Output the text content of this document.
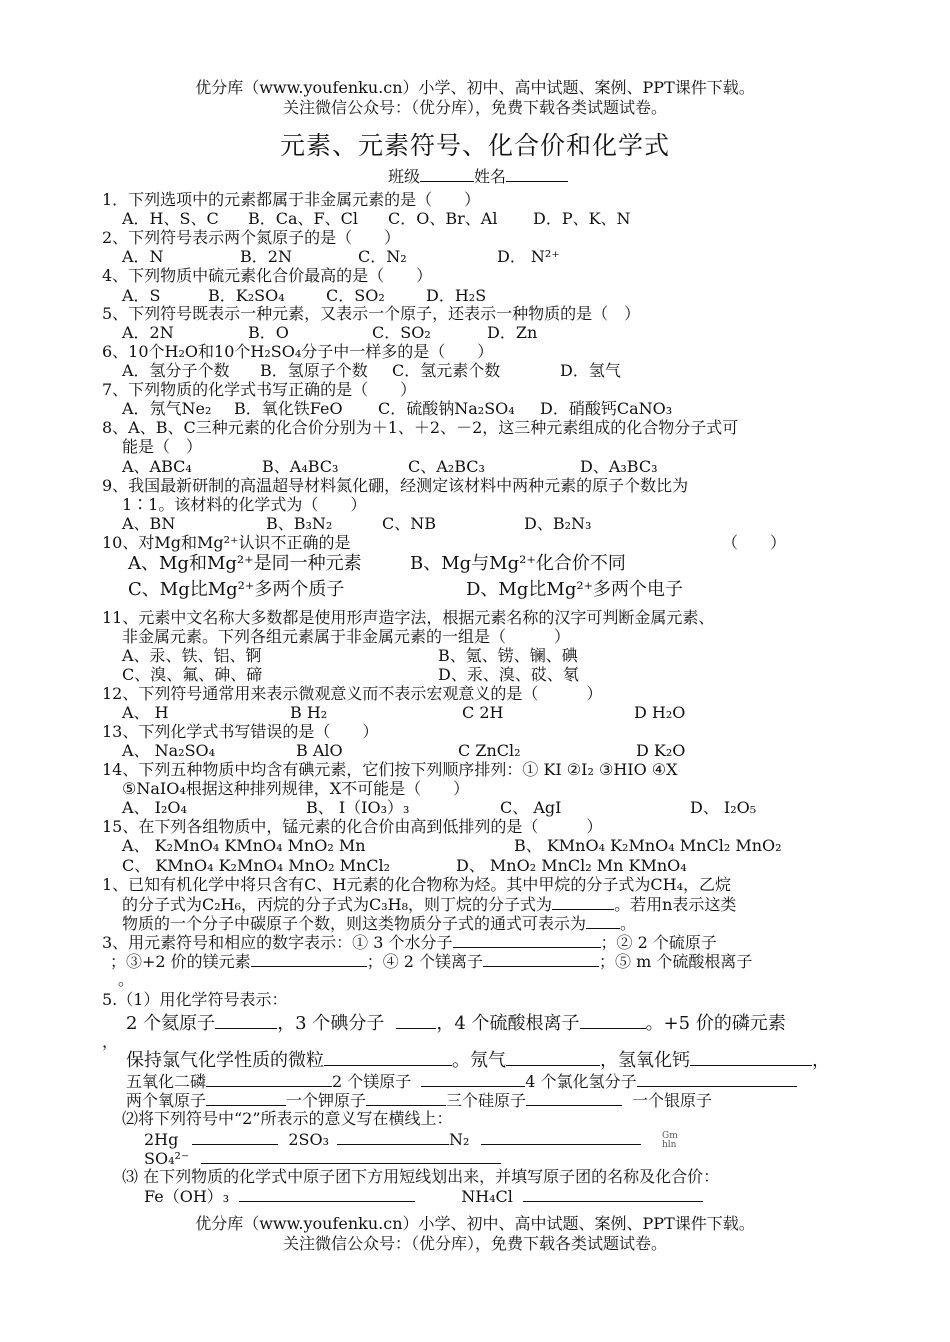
优分库（www.youfenku.cn）小学、初中、高中试题、案例、PPT课件下载。
关注微信公众号：（优分库），免费下载各类试题试卷。
元素、元素符号、化合价和化学式
班级	姓名
1．下列选项中的元素都属于非金属元素的是（　　）
A．H、S、C B．Ca、F、Cl C．O、Br、Al D．P、K、N
2、下列符号表示两个氮原子的是（　　）
A．N	B．2N	C．N₂	D． N²⁺
4、下列物质中硫元素化合价最高的是（　　）
A．S	B．K₂SO₄	C．SO₂	D．H₂S
5、下列符号既表示一种元素，又表示一个原子，还表示一种物质的是（　）
A．2N	B．O	C．SO₂	D．Zn
6、10个H₂O和10个H₂SO₄分子中一样多的是（　　）
A．氢分子个数 B．氢原子个数 C．氢元素个数	D．氢气
7、下列物质的化学式书写正确的是（　　）
A．氖气Ne₂ B．氧化铁FeO C．硫酸钠Na₂SO₄ D．硝酸钙CaNO₃
8、A、B、C三种元素的化合价分别为＋1、＋2、－2，这三种元素组成的化合物分子式可
能是（　）
A、ABC₄	B、A₄BC₃	C、A₂BC₃	D、A₃BC₃
9、我国最新研制的高温超导材料氮化硼，经测定该材料中两种元素的原子个数比为
1∶1。该材料的化学式为（　　）
A、BN	B、B₃N₂	C、NB	D、B₂N₃
10、对Mg和Mg²⁺认识不正确的是	（　　）
A、Mg和Mg²⁺是同一种元素	B、Mg与Mg²⁺化合价不同
C、Mg比Mg²⁺多两个质子	D、Mg比Mg²⁺多两个电子
11、元素中文名称大多数都是使用形声造字法，根据元素名称的汉字可判断金属元素、
非金属元素。下列各组元素属于非金属元素的一组是（　　　）
A、汞、铁、铝、锕	B、氪、铹、镧、碘
C、溴、氟、砷、碲	D、汞、溴、砹、氡
12、下列符号通常用来表示微观意义而不表示宏观意义的是（　　　）
A、 H	B H₂	C 2H	D H₂O
13、下列化学式书写错误的是（　　）
A、 Na₂SO₄	B AlO	C ZnCl₂	D K₂O
14、下列五种物质中均含有碘元素，它们按下列顺序排列：① KI ②I₂ ③HIO ④X
⑤NaIO₄根据这种排列规律，X不可能是（　　）
A、 I₂O₄	B、 I（IO₃）₃	C、 AgI	D、 I₂O₅
15、在下列各组物质中，锰元素的化合价由高到低排列的是（　　　）
A、 K₂MnO₄ KMnO₄ MnO₂ Mn	B、 KMnO₄ K₂MnO₄ MnCl₂ MnO₂
C、 KMnO₄ K₂MnO₄ MnO₂ MnCl₂	D、 MnO₂ MnCl₂ Mn KMnO₄
1、已知有机化学中将只含有C、H元素的化合物称为烃。其中甲烷的分子式为CH₄，乙烷
的分子式为C₂H₆，丙烷的分子式为C₃H₈，则丁烷的分子式为	。若用n表示这类
物质的一个分子中碳原子个数，则这类物质分子式的通式可表示为 。
3、用元素符号和相应的数字表示：① 3 个水分子	；② 2 个硫原子
；③+2 价的镁元素	；④ 2 个镁离子	；⑤ m 个硫酸根离子
。
5.（1）用化学符号表示：
2 个氦原子	，3 个碘分子	，4 个硫酸根离子	。+5 价的磷元素
，
保持氯气化学性质的微粒	。氖气	，氢氧化钙	，
五氧化二磷	2 个镁原子	4 个氯化氢分子
两个氧原子	一个钾原子	三个硅原子	一个银原子
⑵将下列符号中“2”所表示的意义写在横线上：
2Hg	2SO₃	N₂	Gm hln
SO₄²⁻
⑶ 在下列物质的化学式中原子团下方用短线划出来，并填写原子团的名称及化合价：
Fe（OH）₃	NH₄Cl
优分库（www.youfenku.cn）小学、初中、高中试题、案例、PPT课件下载。
关注微信公众号：（优分库），免费下载各类试题试卷。
